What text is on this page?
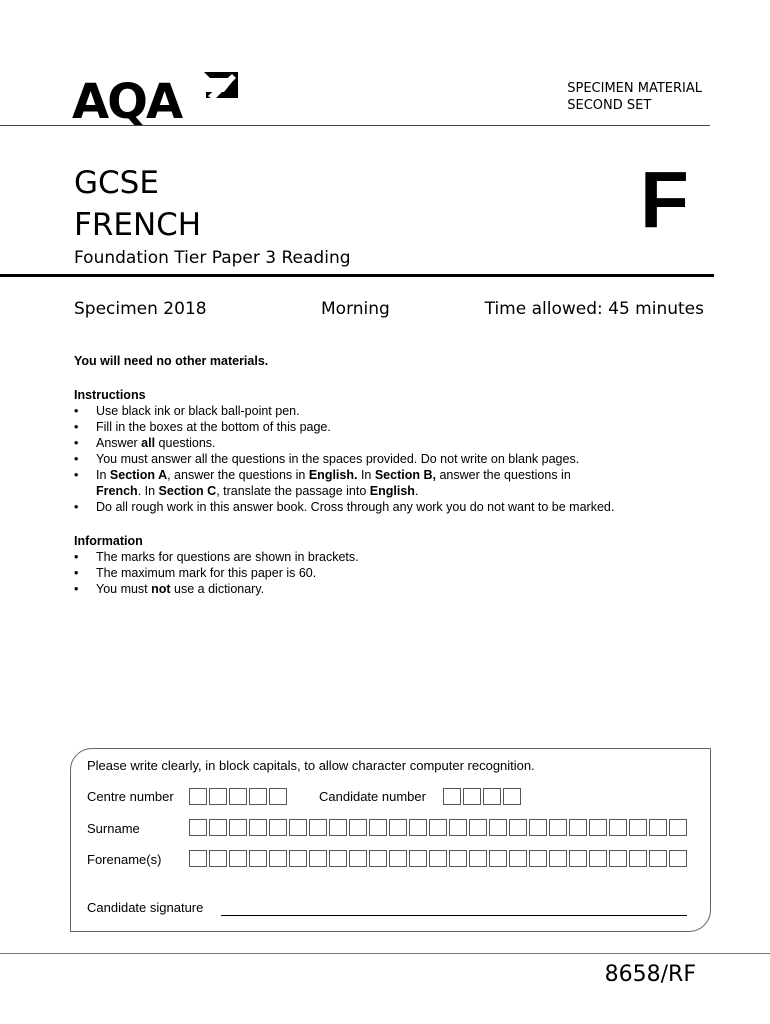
AQA	SPECIMEN MATERIAL
SECOND SET
GCSE
FRENCH	F
Foundation Tier Paper 3 Reading
Specimen 2018	Morning	Time allowed: 45 minutes

You will need no other materials.

Instructions
• Use black ink or black ball-point pen.
• Fill in the boxes at the bottom of this page.
• Answer all questions.
• You must answer all the questions in the spaces provided. Do not write on blank pages.
• In Section A, answer the questions in English. In Section B, answer the questions in
French. In Section C, translate the passage into English.
• Do all rough work in this answer book. Cross through any work you do not want to be marked.
Information
• The marks for questions are shown in brackets.
• The maximum mark for this paper is 60.
• You must not use a dictionary.
Please write clearly, in block capitals, to allow character computer recognition.
Centre number	Candidate number
Surname
Forename(s)
Candidate signature
8658/RF
